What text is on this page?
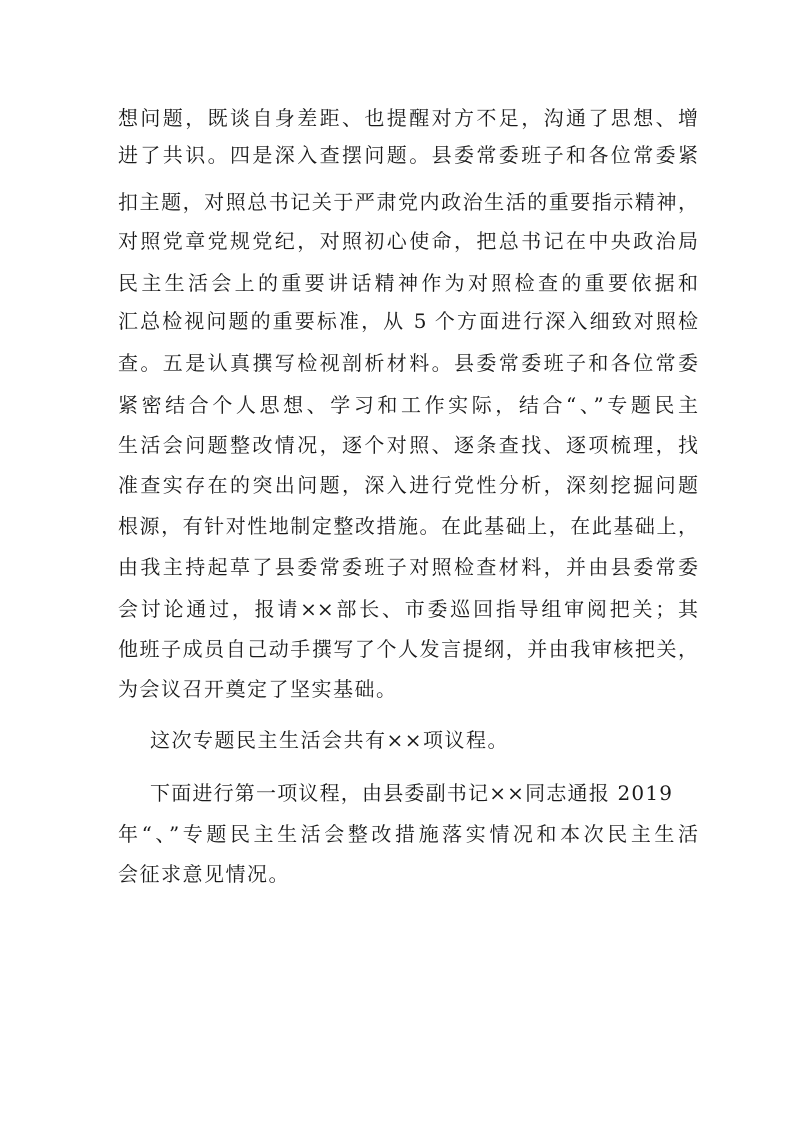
想问题，既谈自身差距、也提醒对方不足，沟通了思想、增
进了共识。四是深入查摆问题。县委常委班子和各位常委紧
扣主题，对照总书记关于严肃党内政治生活的重要指示精神，
对照党章党规党纪，对照初心使命，把总书记在中央政治局
民主生活会上的重要讲话精神作为对照检查的重要依据和
汇总检视问题的重要标准，从 5 个方面进行深入细致对照检
查。五是认真撰写检视剖析材料。县委常委班子和各位常委
紧密结合个人思想、学习和工作实际，结合“、”专题民主
生活会问题整改情况，逐个对照、逐条查找、逐项梳理，找
准查实存在的突出问题，深入进行党性分析，深刻挖掘问题
根源，有针对性地制定整改措施。在此基础上，在此基础上，
由我主持起草了县委常委班子对照检查材料，并由县委常委
会讨论通过，报请××部长、市委巡回指导组审阅把关；其
他班子成员自己动手撰写了个人发言提纲，并由我审核把关，
为会议召开奠定了坚实基础。
这次专题民主生活会共有××项议程。
下面进行第一项议程，由县委副书记××同志通报 2019
年“、”专题民主生活会整改措施落实情况和本次民主生活
会征求意见情况。
